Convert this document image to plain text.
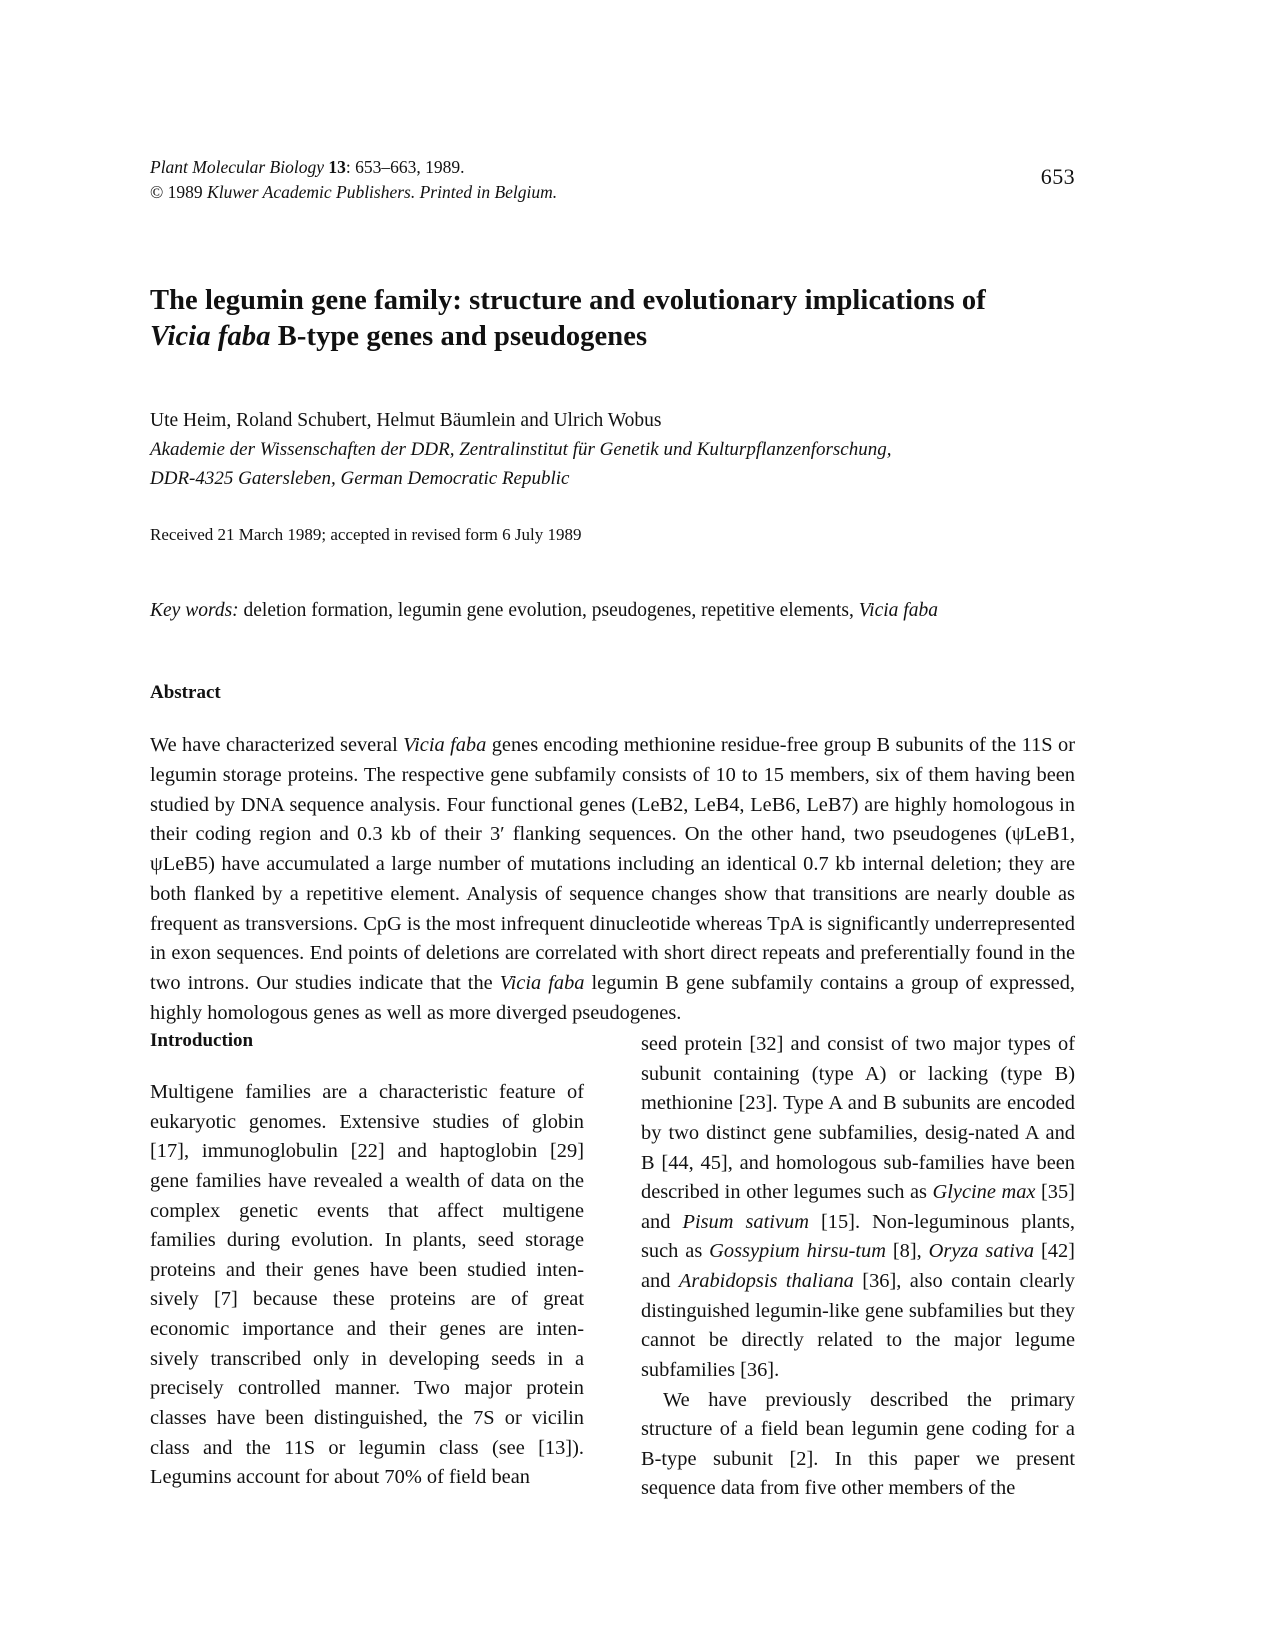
Plant Molecular Biology 13: 653–663, 1989.
© 1989 Kluwer Academic Publishers. Printed in Belgium.
653
The legumin gene family: structure and evolutionary implications of
Vicia faba B-type genes and pseudogenes
Ute Heim, Roland Schubert, Helmut Bäumlein and Ulrich Wobus
Akademie der Wissenschaften der DDR, Zentralinstitut für Genetik und Kulturpflanzenforschung,
DDR-4325 Gatersleben, German Democratic Republic
Received 21 March 1989; accepted in revised form 6 July 1989
Key words: deletion formation, legumin gene evolution, pseudogenes, repetitive elements, Vicia faba
Abstract
We have characterized several Vicia faba genes encoding methionine residue-free group B subunits of the 11S or legumin storage proteins. The respective gene subfamily consists of 10 to 15 members, six of them having been studied by DNA sequence analysis. Four functional genes (LeB2, LeB4, LeB6, LeB7) are highly homologous in their coding region and 0.3 kb of their 3′ flanking sequences. On the other hand, two pseudogenes (ψLeB1, ψLeB5) have accumulated a large number of mutations including an identical 0.7 kb internal deletion; they are both flanked by a repetitive element. Analysis of sequence changes show that transitions are nearly double as frequent as transversions. CpG is the most infrequent dinucleotide whereas TpA is significantly underrepresented in exon sequences. End points of deletions are correlated with short direct repeats and preferentially found in the two introns. Our studies indicate that the Vicia faba legumin B gene subfamily contains a group of expressed, highly homologous genes as well as more diverged pseudogenes.
Introduction

Multigene families are a characteristic feature of eukaryotic genomes. Extensive studies of globin [17], immunoglobulin [22] and haptoglobin [29] gene families have revealed a wealth of data on the complex genetic events that affect multigene families during evolution. In plants, seed storage proteins and their genes have been studied inten-sively [7] because these proteins are of great economic importance and their genes are inten-sively transcribed only in developing seeds in a precisely controlled manner. Two major protein classes have been distinguished, the 7S or vicilin class and the 11S or legumin class (see [13]). Legumins account for about 70% of field bean

seed protein [32] and consist of two major types of subunit containing (type A) or lacking (type B) methionine [23]. Type A and B subunits are encoded by two distinct gene subfamilies, desig-nated A and B [44, 45], and homologous sub-families have been described in other legumes such as Glycine max [35] and Pisum sativum [15]. Non-leguminous plants, such as Gossypium hirsu-tum [8], Oryza sativa [42] and Arabidopsis thaliana [36], also contain clearly distinguished legumin-like gene subfamilies but they cannot be directly related to the major legume subfamilies [36].

We have previously described the primary structure of a field bean legumin gene coding for a B-type subunit [2]. In this paper we present sequence data from five other members of the
